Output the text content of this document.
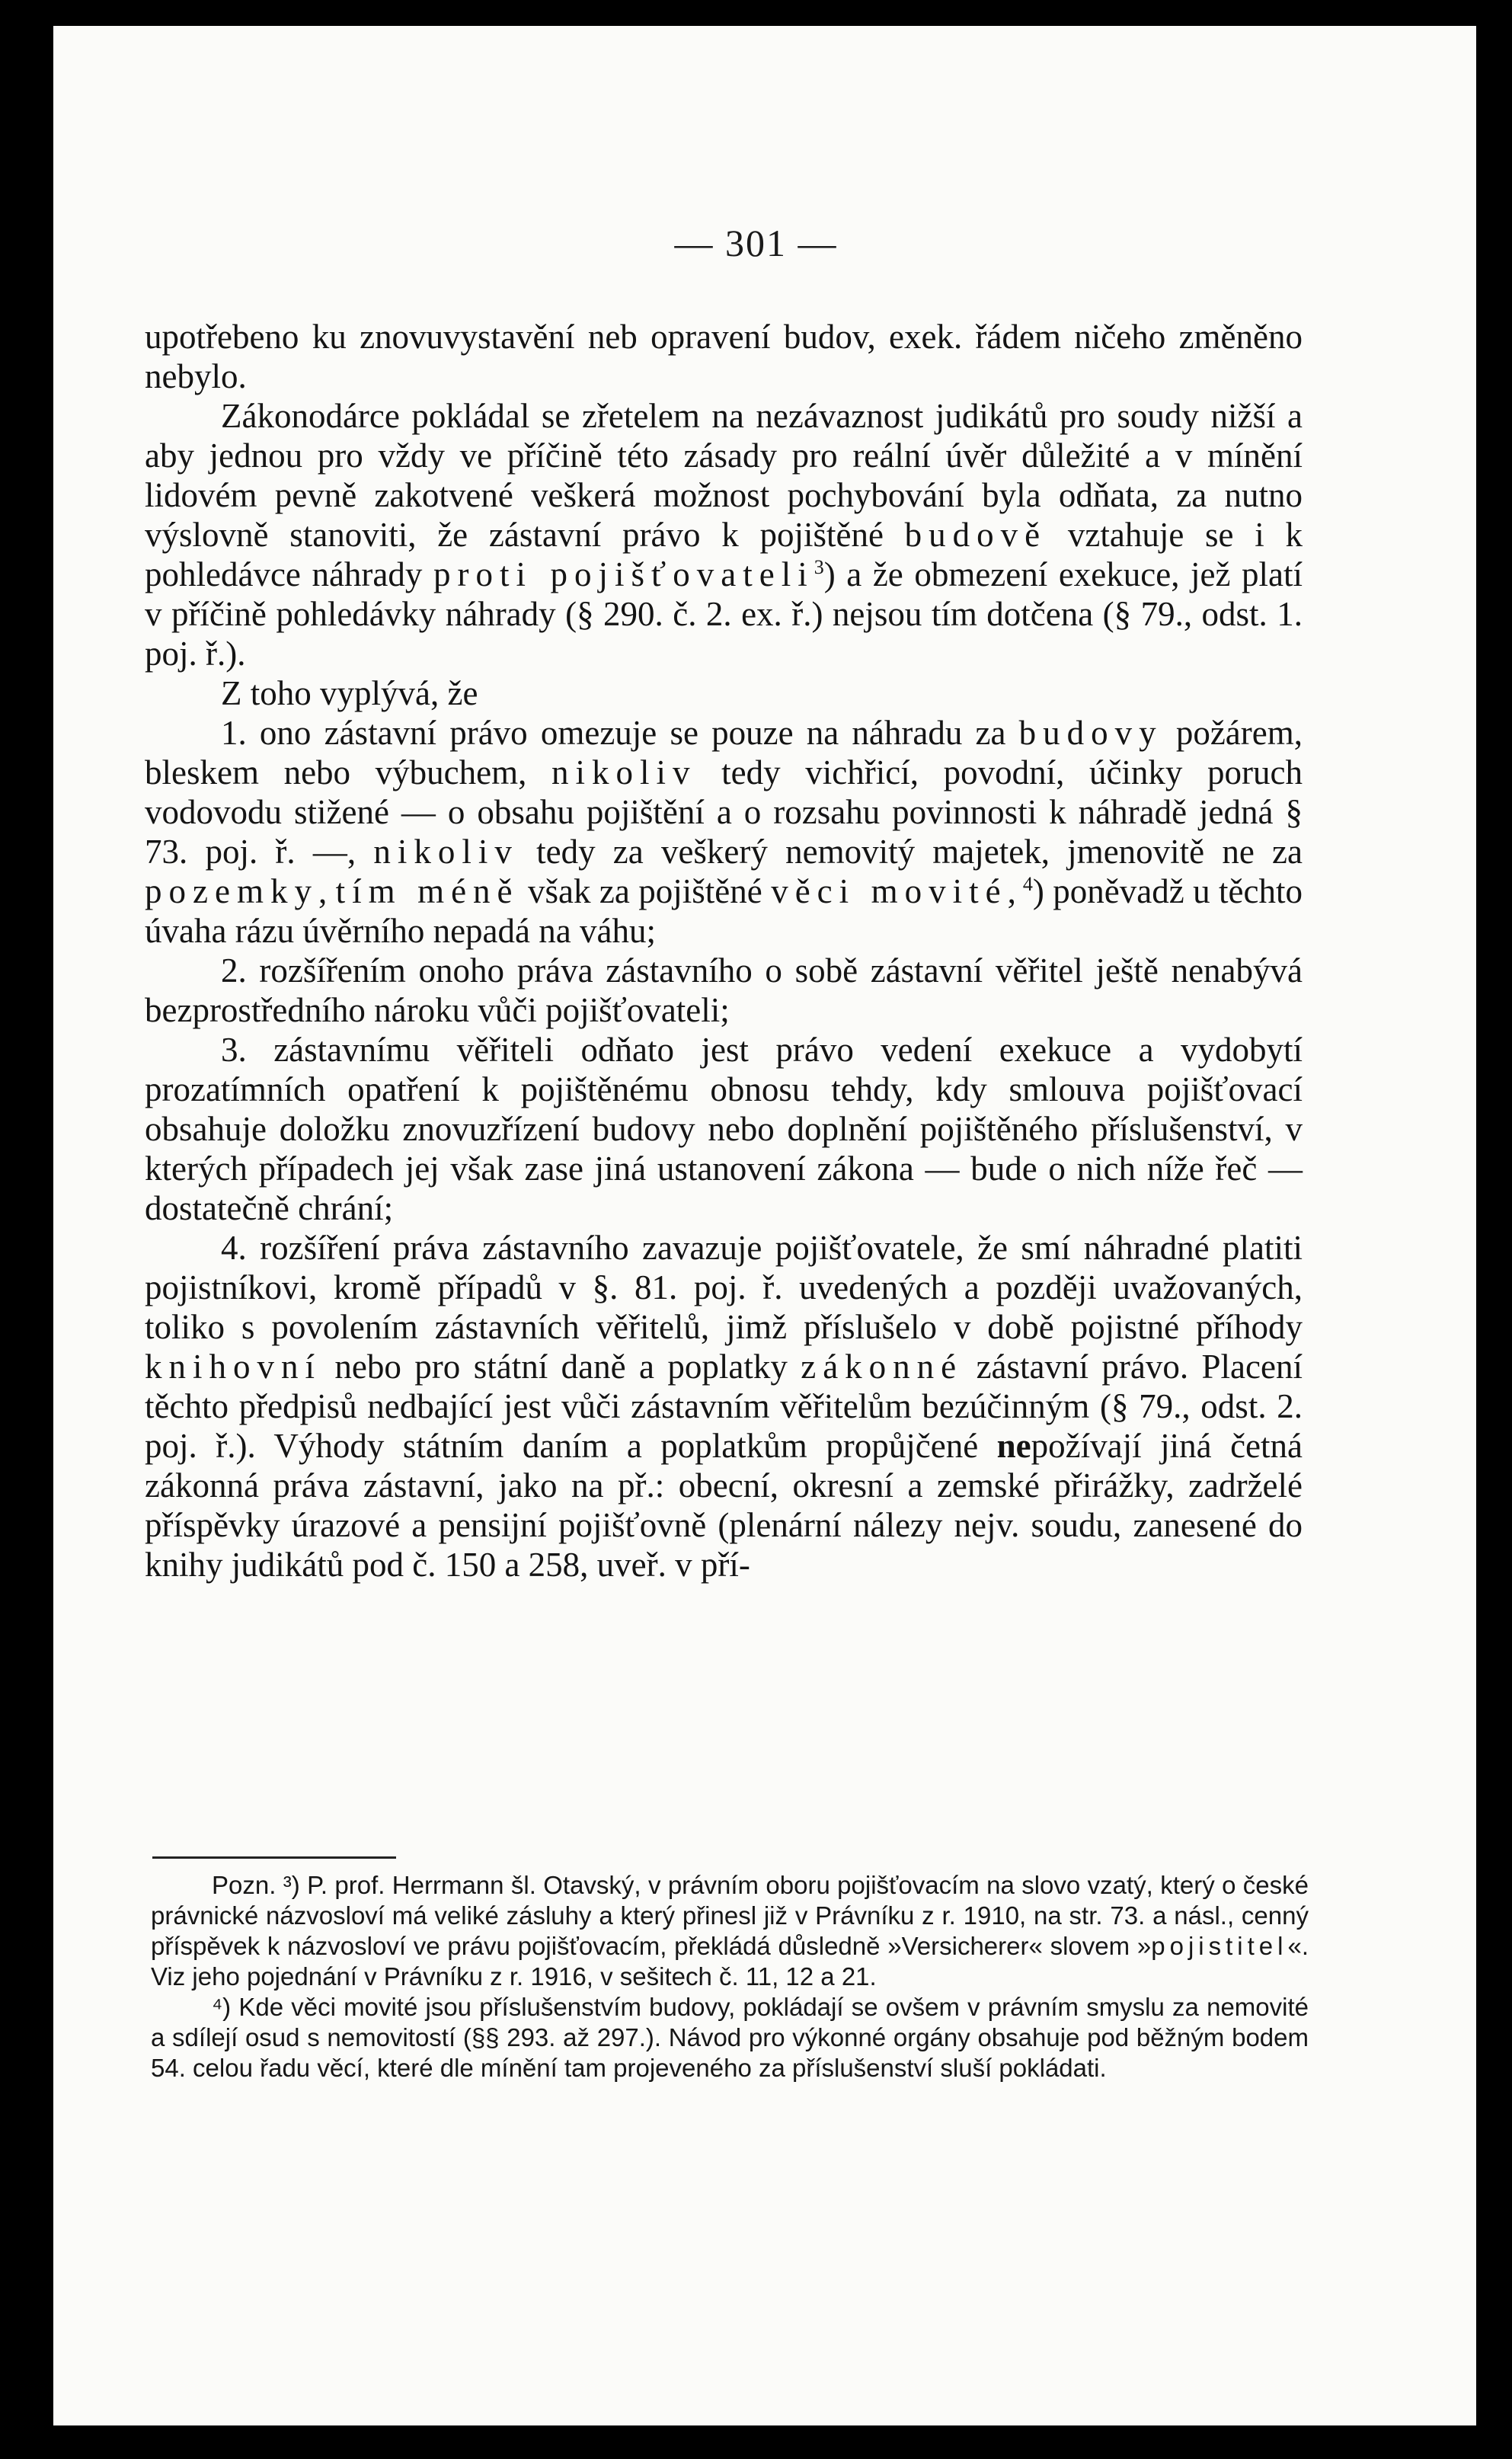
— 301 —

upotřebeno ku znovuvystavění neb opravení budov, exek. řádem ničeho změněno nebylo.

Zákonodárce pokládal se zřetelem na nezávaznost judikátů pro soudy nižší a aby jednou pro vždy ve příčině této zásady pro reální úvěr důležité a v mínění lidovém pevně zakotvené veškerá možnost pochybování byla odňata, za nutno výslovně stanoviti, že zástavní právo k pojištěné budově vztahuje se i k pohledávce náhrady proti pojišťovateli$^3$) a že obmezení exekuce, jež platí v příčině pohledávky náhrady (§ 290. č. 2. ex. ř.) nejsou tím dotčena (§ 79., odst. 1. poj. ř.).

Z toho vyplývá, že

1. ono zástavní právo omezuje se pouze na náhradu za budovy požárem, bleskem nebo výbuchem, nikoliv tedy vichřicí, povodní, účinky poruch vodovodu stižené — o obsahu pojištění a o rozsahu povinnosti k náhradě jedná § 73. poj. ř. —, nikoliv tedy za veškerý nemovitý majetek, jmenovitě ne za pozemky, tím méně však za pojištěné věci movité,$^4$) poněvadž u těchto úvaha rázu úvěrního nepadá na váhu;

2. rozšířením onoho práva zástavního o sobě zástavní věřitel ještě nenabývá bezprostředního nároku vůči pojišťovateli;

3. zástavnímu věřiteli odňato jest právo vedení exekuce a vydobytí prozatímních opatření k pojištěnému obnosu tehdy, kdy smlouva pojišťovací obsahuje doložku znovuzřízení budovy nebo doplnění pojištěného příslušenství, v kterých případech jej však zase jiná ustanovení zákona — bude o nich níže řeč — dostatečně chrání;

4. rozšíření práva zástavního zavazuje pojišťovatele, že smí náhradné platiti pojistníkovi, kromě případů v §. 81. poj. ř. uvedených a později uvažovaných, toliko s povolením zástavních věřitelů, jimž příslušelo v době pojistné příhody knihovní nebo pro státní daně a poplatky zákonné zástavní právo. Placení těchto předpisů nedbající jest vůči zástavním věřitelům bezúčinným (§ 79., odst. 2. poj. ř.). Výhody státním daním a poplatkům propůjčené nepožívají jiná četná zákonná práva zástavní, jako na př.: obecní, okresní a zemské přirážky, zadrželé příspěvky úrazové a pensijní pojišťovně (plenární nálezy nejv. soudu, zanesené do knihy judikátů pod č. 150 a 258, uveř. v pří-

Pozn. ³) P. prof. Herrmann šl. Otavský, v právním oboru pojišťovacím na slovo vzatý, který o české právnické názvosloví má veliké zásluhy a který přinesl již v Právníku z r. 1910, na str. 73. a násl., cenný příspěvek k názvosloví ve právu pojišťovacím, překládá důsledně »Versicherer« slovem »pojistitel«. Viz jeho pojednání v Právníku z r. 1916, v sešitech č. 11, 12 a 21.

⁴) Kde věci movité jsou příslušenstvím budovy, pokládají se ovšem v právním smyslu za nemovité a sdílejí osud s nemovitostí (§§ 293. až 297.). Návod pro výkonné orgány obsahuje pod běžným bodem 54. celou řadu věcí, které dle mínění tam projeveného za příslušenství sluší pokládati.
